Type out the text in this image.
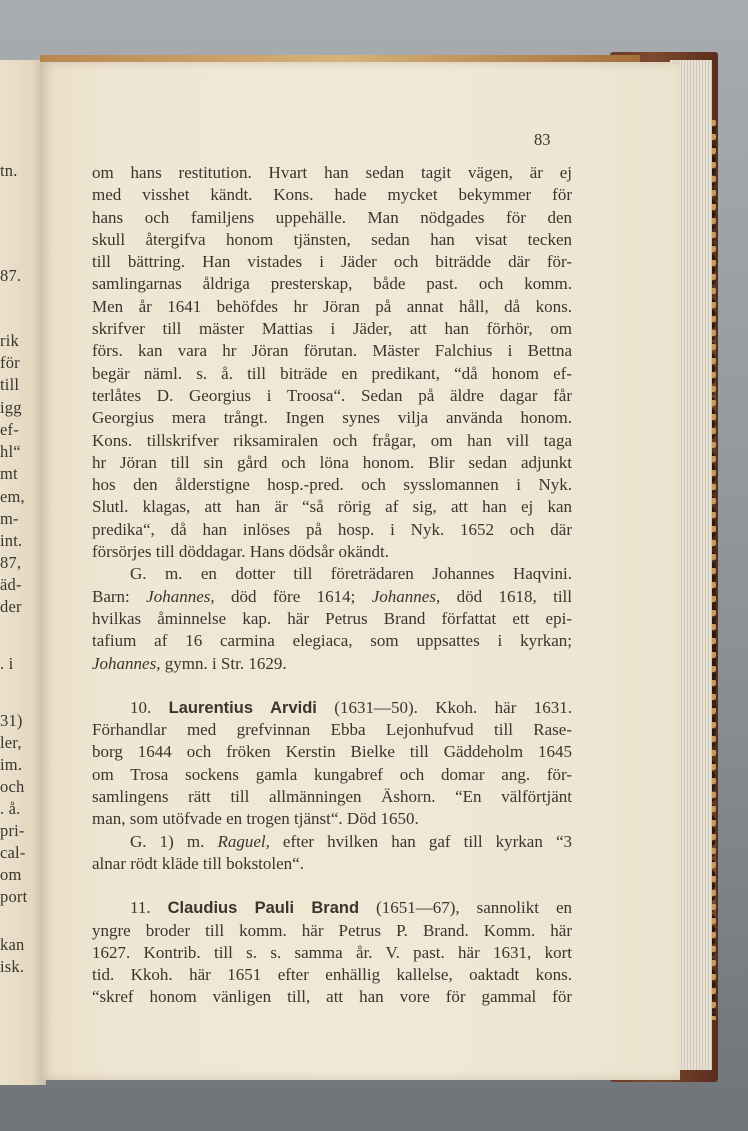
tn.
87.
rik
för
till
igg
ef-
hl“
mt
em,
m-
int.
87,
äd-
der
. i
31)
ler,
im.
och
. å.
pri-
cal-
om
port
kan
isk.
83
om hans restitution. Hvart han sedan tagit vägen, är ej
med visshet kändt. Kons. hade mycket bekymmer för
hans och familjens uppehälle. Man nödgades för den
skull återgifva honom tjänsten, sedan han visat tecken
till bättring. Han vistades i Jäder och biträdde där för-
samlingarnas åldriga presterskap, både past. och komm.
Men år 1641 behöfdes hr Jöran på annat håll, då kons.
skrifver till mäster Mattias i Jäder, att han förhör, om
förs. kan vara hr Jöran förutan. Mäster Falchius i Bettna
begär näml. s. å. till biträde en predikant, “då honom ef-
terlåtes D. Georgius i Troosa“. Sedan på äldre dagar får
Georgius mera trångt. Ingen synes vilja använda honom.
Kons. tillskrifver riksamiralen och frågar, om han vill taga
hr Jöran till sin gård och löna honom. Blir sedan adjunkt
hos den ålderstigne hosp.-pred. och sysslomannen i Nyk.
Slutl. klagas, att han är “så rörig af sig, att han ej kan
predika“, då han inlöses på hosp. i Nyk. 1652 och där
försörjes till döddagar. Hans dödsår okändt.
G. m. en dotter till företrädaren Johannes Haqvini.
Barn: Johannes, död före 1614; Johannes, död 1618, till
hvilkas åminnelse kap. här Petrus Brand författat ett epi-
tafium af 16 carmina elegiaca, som uppsattes i kyrkan;
Johannes, gymn. i Str. 1629.
10. Laurentius Arvidi (1631—50). Kkoh. här 1631.
Förhandlar med grefvinnan Ebba Lejonhufvud till Rase-
borg 1644 och fröken Kerstin Bielke till Gäddeholm 1645
om Trosa sockens gamla kungabref och domar ang. för-
samlingens rätt till allmänningen Äshorn. “En välförtjänt
man, som utöfvade en trogen tjänst“. Död 1650.
G. 1) m. Raguel, efter hvilken han gaf till kyrkan “3
alnar rödt kläde till bokstolen“.
11. Claudius Pauli Brand (1651—67), sannolikt en
yngre broder till komm. här Petrus P. Brand. Komm. här
1627. Kontrib. till s. s. samma år. V. past. här 1631, kort
tid. Kkoh. här 1651 efter enhällig kallelse, oaktadt kons.
“skref honom vänligen till, att han vore för gammal för
